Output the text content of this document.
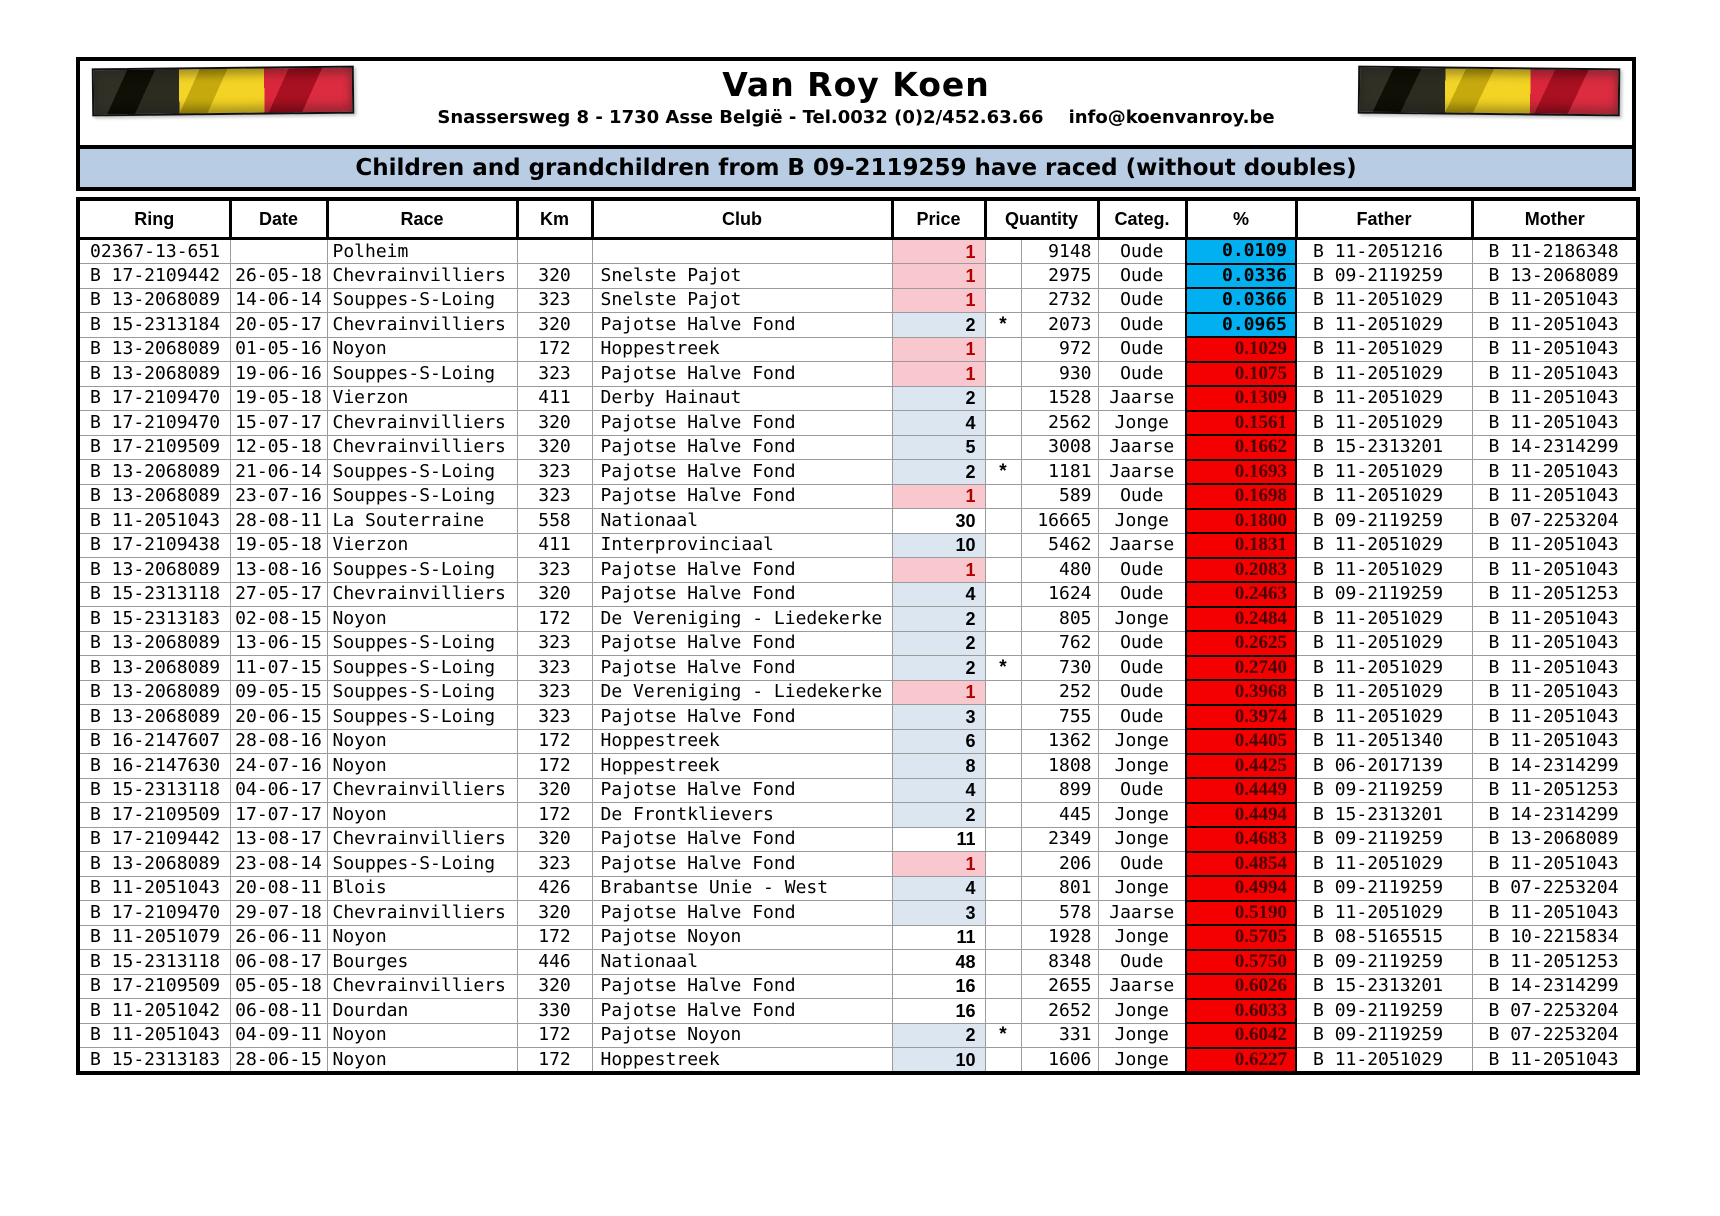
Van Roy Koen
Snassersweg 8 - 1730 Asse België - Tel.0032 (0)2/452.63.66    info@koenvanroy.be
Children and grandchildren from B 09-2119259 have raced (without doubles)
Ring	Date	Race	Km	Club	Price	Quantity		Categ.	%	Father	Mother
02367-13-651		Polheim			1		9148	Oude	0.0109	B 11-2051216	B 11-2186348
B 17-2109442	26-05-18	Chevrainvilliers	320	Snelste Pajot	1		2975	Oude	0.0336	B 09-2119259	B 13-2068089
B 13-2068089	14-06-14	Souppes-S-Loing	323	Snelste Pajot	1		2732	Oude	0.0366	B 11-2051029	B 11-2051043
B 15-2313184	20-05-17	Chevrainvilliers	320	Pajotse Halve Fond	2	*	2073	Oude	0.0965	B 11-2051029	B 11-2051043
B 13-2068089	01-05-16	Noyon	172	Hoppestreek	1		972	Oude	0.1029	B 11-2051029	B 11-2051043
B 13-2068089	19-06-16	Souppes-S-Loing	323	Pajotse Halve Fond	1		930	Oude	0.1075	B 11-2051029	B 11-2051043
B 17-2109470	19-05-18	Vierzon	411	Derby Hainaut	2		1528	Jaarse	0.1309	B 11-2051029	B 11-2051043
B 17-2109470	15-07-17	Chevrainvilliers	320	Pajotse Halve Fond	4		2562	Jonge	0.1561	B 11-2051029	B 11-2051043
B 17-2109509	12-05-18	Chevrainvilliers	320	Pajotse Halve Fond	5		3008	Jaarse	0.1662	B 15-2313201	B 14-2314299
B 13-2068089	21-06-14	Souppes-S-Loing	323	Pajotse Halve Fond	2	*	1181	Jaarse	0.1693	B 11-2051029	B 11-2051043
B 13-2068089	23-07-16	Souppes-S-Loing	323	Pajotse Halve Fond	1		589	Oude	0.1698	B 11-2051029	B 11-2051043
B 11-2051043	28-08-11	La Souterraine	558	Nationaal	30		16665	Jonge	0.1800	B 09-2119259	B 07-2253204
B 17-2109438	19-05-18	Vierzon	411	Interprovinciaal	10		5462	Jaarse	0.1831	B 11-2051029	B 11-2051043
B 13-2068089	13-08-16	Souppes-S-Loing	323	Pajotse Halve Fond	1		480	Oude	0.2083	B 11-2051029	B 11-2051043
B 15-2313118	27-05-17	Chevrainvilliers	320	Pajotse Halve Fond	4		1624	Oude	0.2463	B 09-2119259	B 11-2051253
B 15-2313183	02-08-15	Noyon	172	De Vereniging - Liedekerke	2		805	Jonge	0.2484	B 11-2051029	B 11-2051043
B 13-2068089	13-06-15	Souppes-S-Loing	323	Pajotse Halve Fond	2		762	Oude	0.2625	B 11-2051029	B 11-2051043
B 13-2068089	11-07-15	Souppes-S-Loing	323	Pajotse Halve Fond	2	*	730	Oude	0.2740	B 11-2051029	B 11-2051043
B 13-2068089	09-05-15	Souppes-S-Loing	323	De Vereniging - Liedekerke	1		252	Oude	0.3968	B 11-2051029	B 11-2051043
B 13-2068089	20-06-15	Souppes-S-Loing	323	Pajotse Halve Fond	3		755	Oude	0.3974	B 11-2051029	B 11-2051043
B 16-2147607	28-08-16	Noyon	172	Hoppestreek	6		1362	Jonge	0.4405	B 11-2051340	B 11-2051043
B 16-2147630	24-07-16	Noyon	172	Hoppestreek	8		1808	Jonge	0.4425	B 06-2017139	B 14-2314299
B 15-2313118	04-06-17	Chevrainvilliers	320	Pajotse Halve Fond	4		899	Oude	0.4449	B 09-2119259	B 11-2051253
B 17-2109509	17-07-17	Noyon	172	De Frontklievers	2		445	Jonge	0.4494	B 15-2313201	B 14-2314299
B 17-2109442	13-08-17	Chevrainvilliers	320	Pajotse Halve Fond	11		2349	Jonge	0.4683	B 09-2119259	B 13-2068089
B 13-2068089	23-08-14	Souppes-S-Loing	323	Pajotse Halve Fond	1		206	Oude	0.4854	B 11-2051029	B 11-2051043
B 11-2051043	20-08-11	Blois	426	Brabantse Unie - West	4		801	Jonge	0.4994	B 09-2119259	B 07-2253204
B 17-2109470	29-07-18	Chevrainvilliers	320	Pajotse Halve Fond	3		578	Jaarse	0.5190	B 11-2051029	B 11-2051043
B 11-2051079	26-06-11	Noyon	172	Pajotse Noyon	11		1928	Jonge	0.5705	B 08-5165515	B 10-2215834
B 15-2313118	06-08-17	Bourges	446	Nationaal	48		8348	Oude	0.5750	B 09-2119259	B 11-2051253
B 17-2109509	05-05-18	Chevrainvilliers	320	Pajotse Halve Fond	16		2655	Jaarse	0.6026	B 15-2313201	B 14-2314299
B 11-2051042	06-08-11	Dourdan	330	Pajotse Halve Fond	16		2652	Jonge	0.6033	B 09-2119259	B 07-2253204
B 11-2051043	04-09-11	Noyon	172	Pajotse Noyon	2	*	331	Jonge	0.6042	B 09-2119259	B 07-2253204
B 15-2313183	28-06-15	Noyon	172	Hoppestreek	10		1606	Jonge	0.6227	B 11-2051029	B 11-2051043
